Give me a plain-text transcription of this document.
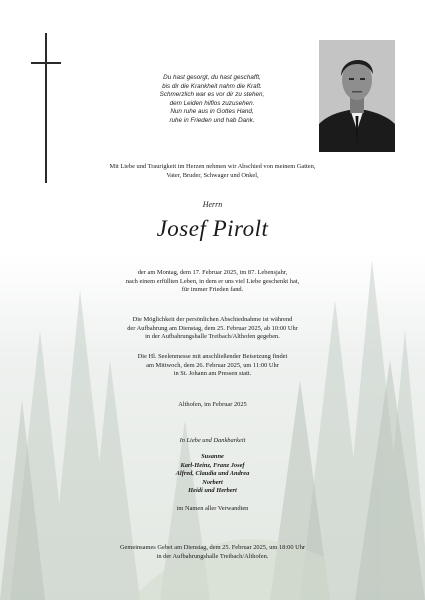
Du hast gesorgt, du hast geschafft,
bis dir die Krankheit nahm die Kraft.
Schmerzlich war es vor dir zu stehen,
dem Leiden hilflos zuzusehen.
Nun ruhe aus in Gottes Hand,
ruhe in Frieden und hab Dank.
Mit Liebe und Traurigkeit im Herzen nehmen wir Abschied von meinem Gatten,
Vater, Bruder, Schwager und Onkel,
Herrn
Josef Pirolt
der am Montag, dem 17. Februar 2025, im 87. Lebensjahr,
nach einem erfüllten Leben, in dem er uns viel Liebe geschenkt hat,
für immer Frieden fand.
Die Möglichkeit der persönlichen Abschiednahme ist während
der Aufbahrung am Dienstag, dem 25. Februar 2025, ab 10:00 Uhr
in der Aufbahrungshalle Treibach/Althofen gegeben.
Die Hl. Seelenmesse mit anschließender Beisetzung findet
am Mittwoch, dem 26. Februar 2025, um 11:00 Uhr
in St. Johann am Pressen statt.
Althofen, im Februar 2025
In Liebe und Dankbarkeit
Susanne
Karl-Heinz, Franz Josef
Alfred, Claudia und Andrea
Norbert
Heidi und Herbert
im Namen aller Verwandten
Gemeinsames Gebet am Dienstag, dem 25. Februar 2025, um 18:00 Uhr
in der Aufbahrungshalle Treibach/Althofen.
